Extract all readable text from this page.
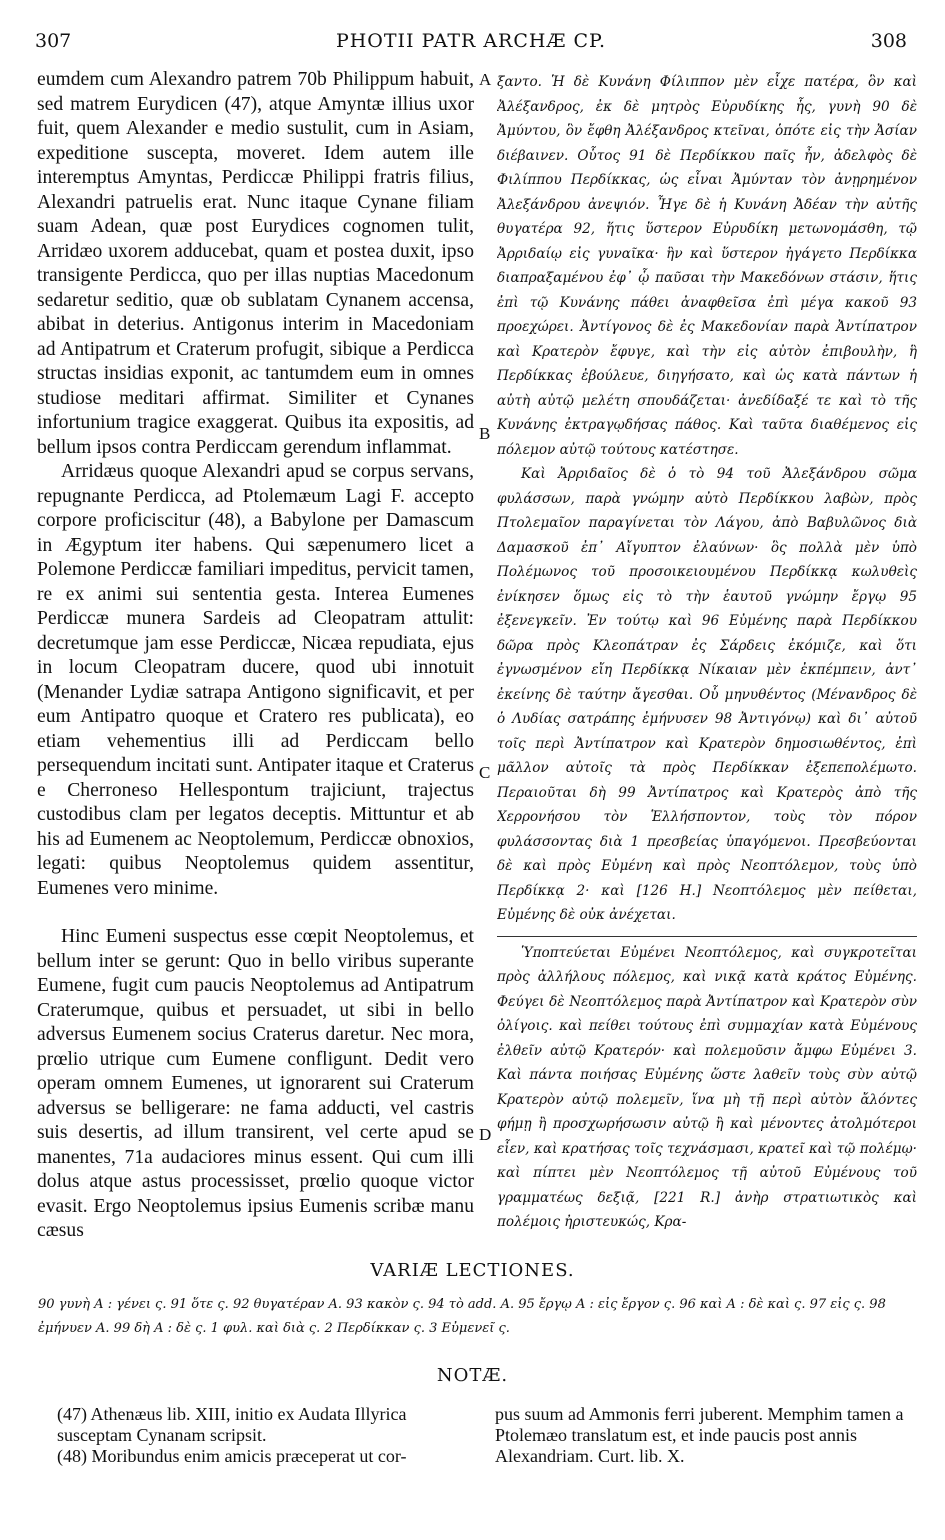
307	PHOTII PATR ARCHÆ CP.	308

eumdem cum Alexandro patrem 70b Philippum habuit, sed matrem Eurydicen (47), atque Amyntæ illius uxor fuit, quem Alexander e medio sustulit, cum in Asiam, expeditione suscepta, moveret. Idem autem ille interemptus Amyntas, Perdiccæ Philippi fratris filius, Alexandri patruelis erat. Nunc itaque Cynane filiam suam Adean, quæ post Eurydices cognomen tulit, Arridæo uxorem adducebat, quam et postea duxit, ipso transigente Perdicca, quo per illas nuptias Macedonum sedaretur seditio, quæ ob sublatam Cynanem accensa, abibat in deterius. Antigonus interim in Macedoniam ad Antipatrum et Craterum profugit, sibique a Perdicca structas insidias exponit, ac tantumdem eum in omnes studiose meditari affirmat. Similiter et Cynanes infortunium tragice exaggerat. Quibus ita expositis, ad bellum ipsos contra Perdiccam gerendum inflammat.

Arridæus quoque Alexandri apud se corpus servans, repugnante Perdicca, ad Ptolemæum Lagi F. accepto corpore proficiscitur (48), a Babylone per Damascum in Ægyptum iter habens. Qui sæpenumero licet a Polemone Perdiccæ familiari impeditus, pervicit tamen, re ex animi sui sententia gesta. Interea Eumenes Perdiccæ munera Sardeis ad Cleopatram attulit: decretumque jam esse Perdiccæ, Nicæa repudiata, ejus in locum Cleopatram ducere, quod ubi innotuit (Menander Lydiæ satrapa Antigono significavit, et per eum Antipatro quoque et Cratero res publicata), eo etiam vehementius illi ad Perdiccam bello persequendum incitati sunt. Antipater itaque et Craterus e Cherroneso Hellespontum trajiciunt, trajectus custodibus clam per legatos deceptis. Mittuntur et ab his ad Eumenem ac Neoptolemum, Perdiccæ obnoxios, legati: quibus Neoptolemus quidem assentitur, Eumenes vero minime.

Hinc Eumeni suspectus esse cœpit Neoptolemus, et bellum inter se gerunt: Quo in bello viribus superante Eumene, fugit cum paucis Neoptolemus ad Antipatrum Craterumque, quibus et persuadet, ut sibi in bello adversus Eumenem socius Craterus daretur. Nec mora, prœlio utrique cum Eumene confligunt. Dedit vero operam omnem Eumenes, ut ignorarent sui Craterum adversus se belligerare: ne fama adducti, vel castris suis desertis, ad illum transirent, vel certe apud se manentes, 71a audaciores minus essent. Qui cum illi dolus atque astus processisset, prœlio quoque victor evasit. Ergo Neoptolemus ipsius Eumenis scribæ manu cæsus

A
B
C
D

ξαντο. Ἡ δὲ Κυνάνη Φίλιππον μὲν εἶχε πατέρα, ὃν καὶ Ἀλέξανδρος, ἐκ δὲ μητρὸς Εὐρυδίκης ἧς, γυνὴ 90 δὲ Ἀμύντου, ὃν ἔφθη Ἀλέξανδρος κτεῖναι, ὁπότε εἰς τὴν Ἀσίαν διέβαινεν. Οὗτος 91 δὲ Περδίκκου παῖς ἦν, ἀδελφὸς δὲ Φιλίππου Περδίκκας, ὡς εἶναι Ἀμύνταν τὸν ἀνῃρημένον Ἀλεξάνδρου ἀνεψιόν. Ἦγε δὲ ἡ Κυνάνη Ἀδέαν τὴν αὐτῆς θυγατέρα 92, ἥτις ὕστερον Εὐρυδίκη μετωνομάσθη, τῷ Ἀρριδαίῳ εἰς γυναῖκα· ἣν καὶ ὕστερον ἠγάγετο Περδίκκα διαπραξαμένου ἐφ᾽ ᾧ παῦσαι τὴν Μακεδόνων στάσιν, ἥτις ἐπὶ τῷ Κυνάνης πάθει ἀναφθεῖσα ἐπὶ μέγα κακοῦ 93 προεχώρει. Ἀντίγονος δὲ ἐς Μακεδονίαν παρὰ Ἀντίπατρον καὶ Κρατερὸν ἔφυγε, καὶ τὴν εἰς αὐτὸν ἐπιβουλὴν, ἣ Περδίκκας ἐβούλευε, διηγήσατο, καὶ ὡς κατὰ πάντων ἡ αὐτὴ αὐτῷ μελέτη σπουδάζεται· ἀνεδίδαξέ τε καὶ τὸ τῆς Κυνάνης ἐκτραγῳδήσας πάθος. Καὶ ταῦτα διαθέμενος εἰς πόλεμον αὐτῷ τούτους κατέστησε.

Καὶ Ἀρριδαῖος δὲ ὁ τὸ 94 τοῦ Ἀλεξάνδρου σῶμα φυλάσσων, παρὰ γνώμην αὐτὸ Περδίκκου λαβὼν, πρὸς Πτολεμαῖον παραγίνεται τὸν Λάγου, ἀπὸ Βαβυλῶνος διὰ Δαμασκοῦ ἐπ᾽ Αἴγυπτον ἐλαύνων· ὃς πολλὰ μὲν ὑπὸ Πολέμωνος τοῦ προσοικειουμένου Περδίκκᾳ κωλυθεὶς ἐνίκησεν ὅμως εἰς τὸ τὴν ἑαυτοῦ γνώμην ἔργῳ 95 ἐξενεγκεῖν. Ἐν τούτῳ καὶ 96 Εὐμένης παρὰ Περδίκκου δῶρα πρὸς Κλεοπάτραν ἐς Σάρδεις ἐκόμιζε, καὶ ὅτι ἐγνωσμένον εἴη Περδίκκᾳ Νίκαιαν μὲν ἐκπέμπειν, ἀντ᾽ ἐκείνης δὲ ταύτην ἄγεσθαι. Οὗ μηνυθέντος (Μένανδρος δὲ ὁ Λυδίας σατράπης ἐμήνυσεν 98 Ἀντιγόνῳ) καὶ δι᾽ αὐτοῦ τοῖς περὶ Ἀντίπατρον καὶ Κρατερὸν δημοσιωθέντος, ἐπὶ μᾶλλον αὐτοῖς τὰ πρὸς Περδίκκαν ἐξεπεπολέμωτο. Περαιοῦται δὴ 99 Ἀντίπατρος καὶ Κρατερὸς ἀπὸ τῆς Χερρονήσου τὸν Ἑλλήσποντον, τοὺς τὸν πόρον φυλάσσοντας διὰ 1 πρεσβείας ὑπαγόμενοι. Πρεσβεύονται δὲ καὶ πρὸς Εὐμένη καὶ πρὸς Νεοπτόλεμον, τοὺς ὑπὸ Περδίκκᾳ 2· καὶ [126 H.] Νεοπτόλεμος μὲν πείθεται, Εὐμένης δὲ οὐκ ἀνέχεται.

Ὑποπτεύεται Εὐμένει Νεοπτόλεμος, καὶ συγκροτεῖται πρὸς ἀλλήλους πόλεμος, καὶ νικᾷ κατὰ κράτος Εὐμένης. Φεύγει δὲ Νεοπτόλεμος παρὰ Ἀντίπατρον καὶ Κρατερὸν σὺν ὀλίγοις. καὶ πείθει τούτους ἐπὶ συμμαχίαν κατὰ Εὐμένους ἐλθεῖν αὐτῷ Κρατερόν· καὶ πολεμοῦσιν ἄμφω Εὐμένει 3. Καὶ πάντα ποιήσας Εὐμένης ὥστε λαθεῖν τοὺς σὺν αὐτῷ Κρατερὸν αὐτῷ πολεμεῖν, ἵνα μὴ τῇ περὶ αὐτὸν ἄλόντες φήμῃ ἢ προσχωρήσωσιν αὐτῷ ἢ καὶ μένοντες ἀτολμότεροι εἶεν, καὶ κρατήσας τοῖς τεχνάσμασι, κρατεῖ καὶ τῷ πολέμῳ· καὶ πίπτει μὲν Νεοπτόλεμος τῇ αὐτοῦ Εὐμένους τοῦ γραμματέως δεξιᾷ, [221 R.] ἀνὴρ στρατιωτικὸς καὶ πολέμοις ἠριστευκώς, Κρα-

VARIÆ LECTIONES.
90 γυνὴ A : γένει ς. 91 ὅτε ς. 92 θυγατέραν A. 93 κακὸν ς. 94 τὸ add. A. 95 ἔργῳ A : εἰς ἔργον ς. 96 καὶ A : δὲ καὶ ς. 97 εἰς ς. 98 ἐμήνυεν A. 99 δὴ A : δὲ ς. 1 φυλ. καὶ διὰ ς. 2 Περδίκκαν ς. 3 Εὐμενεῖ ς.
NOTÆ.

(47) Athenæus lib. XIII, initio ex Audata Illyrica susceptam Cynanam scripsit.

(48) Moribundus enim amicis præceperat ut cor-

pus suum ad Ammonis ferri juberent. Memphim tamen a Ptolemæo translatum est, et inde paucis post annis Alexandriam. Curt. lib. X.
